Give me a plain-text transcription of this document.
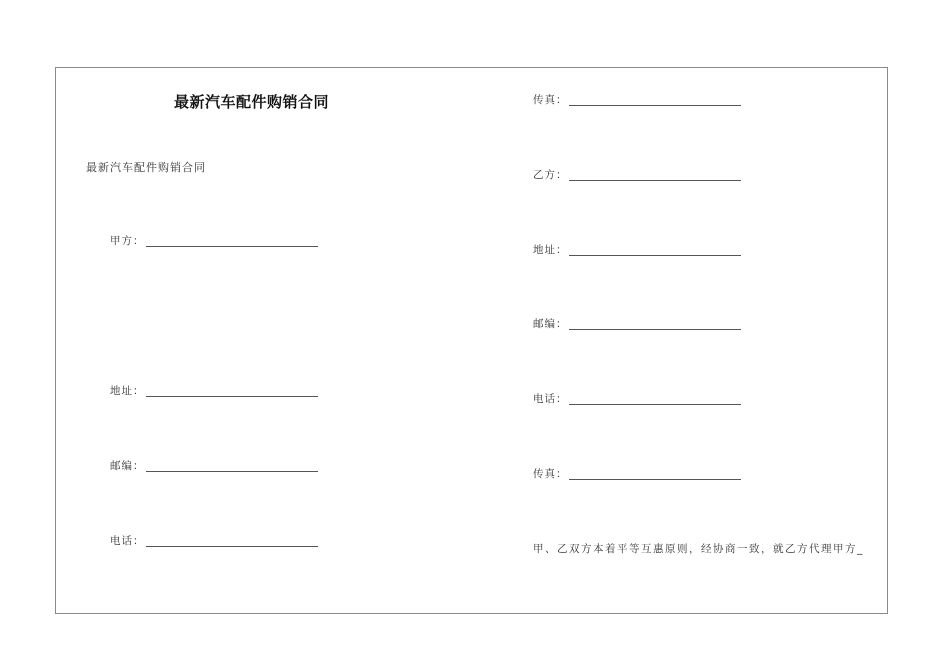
最新汽车配件购销合同
最新汽车配件购销合同
甲方：
地址：
邮编：
电话：
传真：
乙方：
地址：
邮编：
电话：
传真：
甲、乙双方本着平等互惠原则，经协商一致，就乙方代理甲方_
